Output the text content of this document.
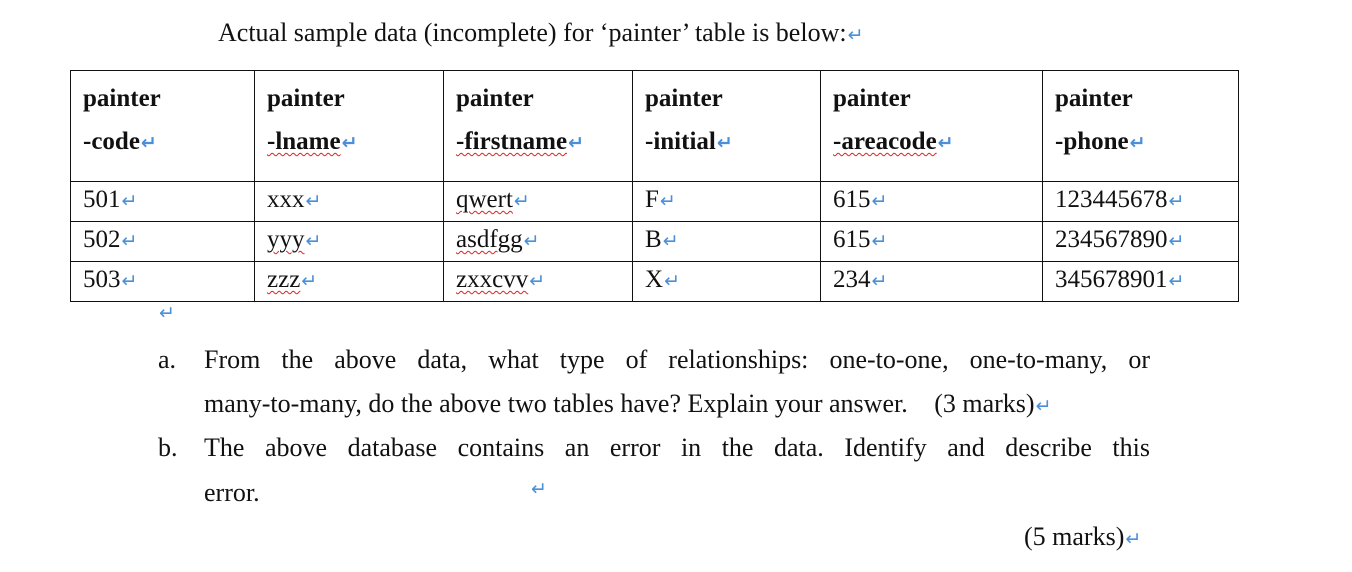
Actual sample data (incomplete) for ‘painter’ table is below:↵
painter
-code↵	painter
-lname↵	painter
-firstname↵	painter
-initial↵	painter
-areacode↵	painter
-phone↵
501↵	xxx↵	qwert↵	F↵	615↵	123445678↵
502↵	yyy↵	asdfgg↵	B↵	615↵	234567890↵
503↵	zzz↵	zxxcvv↵	X↵	234↵	345678901↵
↵
a. From the above data, what type of relationships: one-to-one, one-to-many, or
many-to-many, do the above two tables have? Explain your answer. (3 marks)↵
b. The above database contains an error in the data. Identify and describe this
error.	↵
(5 marks)↵
